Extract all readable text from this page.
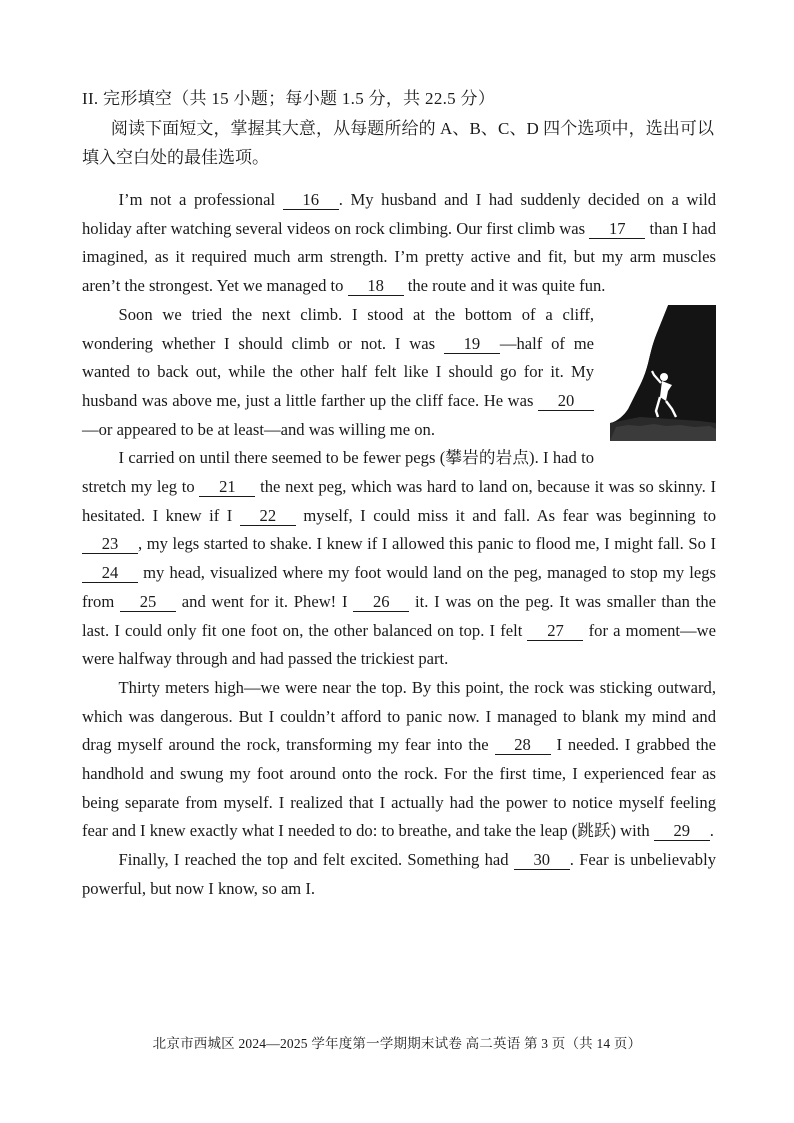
II. 完形填空（共 15 小题；每小题 1.5 分，共 22.5 分）
阅读下面短文，掌握其大意，从每题所给的 A、B、C、D 四个选项中，选出可以填入空白处的最佳选项。

I’m not a professional 16 . My husband and I had suddenly decided on a wild holiday after watching several videos on rock climbing. Our first climb was 17 than I had imagined, as it required much arm strength. I’m pretty active and fit, but my arm muscles aren’t the strongest. Yet we managed to 18 the route and it was quite fun.

Soon we tried the next climb. I stood at the bottom of a cliff, wondering whether I should climb or not. I was 19 —half of me wanted to back out, while the other half felt like I should go for it. My husband was above me, just a little farther up the cliff face. He was 20—or appeared to be at least—and was willing me on.

I carried on until there seemed to be fewer pegs (攀岩的岩点). I had to stretch my leg to 21 the next peg, which was hard to land on, because it was so skinny. I hesitated. I knew if I 22 myself, I could miss it and fall. As fear was beginning to 23 , my legs started to shake. I knew if I allowed this panic to flood me, I might fall. So I 24 my head, visualized where my foot would land on the peg, managed to stop my legs from 25 and went for it. Phew! I 26 it. I was on the peg. It was smaller than the last. I could only fit one foot on, the other balanced on top. I felt 27 for a moment—we were halfway through and had passed the trickiest part.

Thirty meters high—we were near the top. By this point, the rock was sticking outward, which was dangerous. But I couldn’t afford to panic now. I managed to blank my mind and drag myself around the rock, transforming my fear into the 28 I needed. I grabbed the handhold and swung my foot around onto the rock. For the first time, I experienced fear as being separate from myself. I realized that I actually had the power to notice myself feeling fear and I knew exactly what I needed to do: to breathe, and take the leap (跳跃) with 29 .

Finally, I reached the top and felt excited. Something had 30 . Fear is unbelievably powerful, but now I know, so am I.

北京市西城区 2024—2025 学年度第一学期期末试卷 高二英语 第 3 页（共 14 页）
